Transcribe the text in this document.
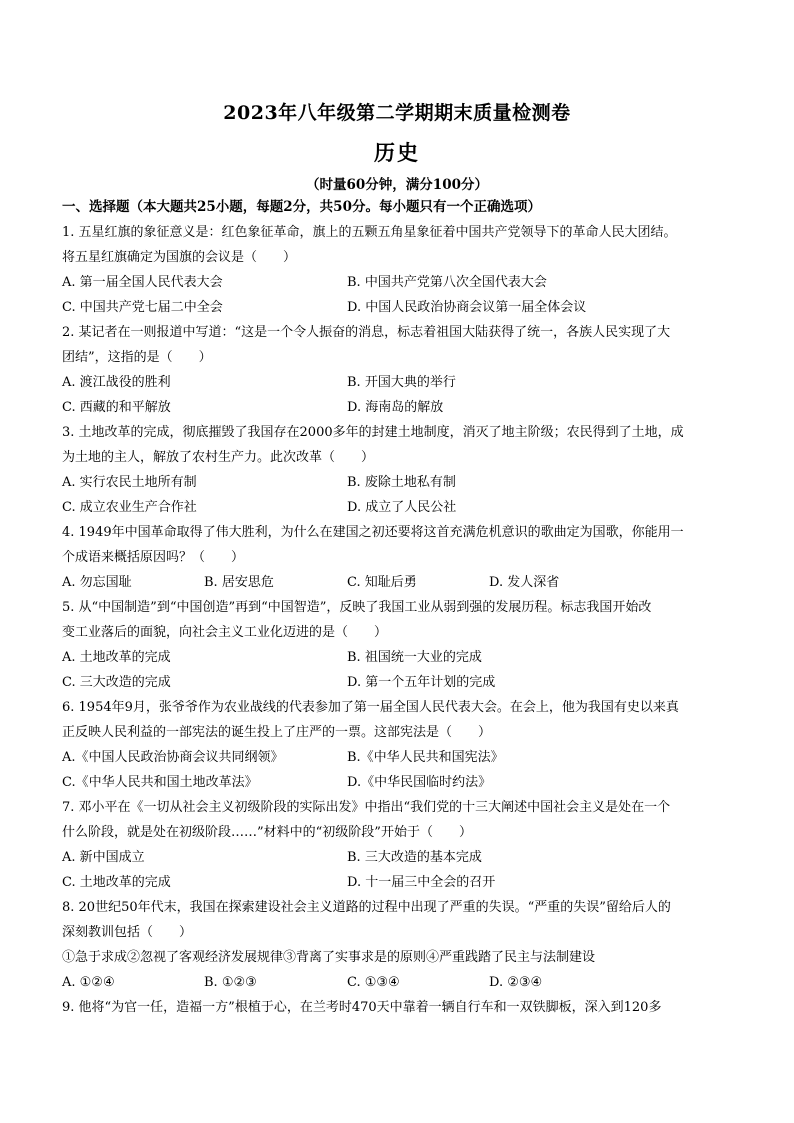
2023年八年级第二学期期末质量检测卷
历史
（时量60分钟，满分100分）
一、选择题（本大题共25小题，每题2分，共50分。每小题只有一个正确选项）
1. 五星红旗的象征意义是：红色象征革命，旗上的五颗五角星象征着中国共产党领导下的革命人民大团结。
将五星红旗确定为国旗的会议是（　　）
A. 第一届全国人民代表大会	B. 中国共产党第八次全国代表大会
C. 中国共产党七届二中全会	D. 中国人民政治协商会议第一届全体会议
2. 某记者在一则报道中写道：“这是一个令人振奋的消息，标志着祖国大陆获得了统一，各族人民实现了大
团结”，这指的是（　　）
A. 渡江战役的胜利	B. 开国大典的举行
C. 西藏的和平解放	D. 海南岛的解放
3. 土地改革的完成，彻底摧毁了我国存在2000多年的封建土地制度，消灭了地主阶级；农民得到了土地，成
为土地的主人，解放了农村生产力。此次改革（　　）
A. 实行农民土地所有制	B. 废除土地私有制
C. 成立农业生产合作社	D. 成立了人民公社
4. 1949年中国革命取得了伟大胜利，为什么在建国之初还要将这首充满危机意识的歌曲定为国歌，你能用一
个成语来概括原因吗？（　　）
A. 勿忘国耻	B. 居安思危	C. 知耻后勇	D. 发人深省
5. 从“中国制造”到“中国创造”再到“中国智造”，反映了我国工业从弱到强的发展历程。标志我国开始改
变工业落后的面貌，向社会主义工业化迈进的是（　　）
A. 土地改革的完成	B. 祖国统一大业的完成
C. 三大改造的完成	D. 第一个五年计划的完成
6. 1954年9月，张爷爷作为农业战线的代表参加了第一届全国人民代表大会。在会上，他为我国有史以来真
正反映人民利益的一部宪法的诞生投上了庄严的一票。这部宪法是（　　）
A.《中国人民政治协商会议共同纲领》	B.《中华人民共和国宪法》
C.《中华人民共和国土地改革法》	D.《中华民国临时约法》
7. 邓小平在《一切从社会主义初级阶段的实际出发》中指出“我们党的十三大阐述中国社会主义是处在一个
什么阶段，就是处在初级阶段……”材料中的“初级阶段”开始于（　　）
A. 新中国成立	B. 三大改造的基本完成
C. 土地改革的完成	D. 十一届三中全会的召开
8. 20世纪50年代末，我国在探索建设社会主义道路的过程中出现了严重的失误。“严重的失误”留给后人的
深刻教训包括（　　）
①急于求成②忽视了客观经济发展规律③背离了实事求是的原则④严重践踏了民主与法制建设
A. ①②④	B. ①②③	C. ①③④	D. ②③④
9. 他将“为官一任，造福一方”根植于心，在兰考时470天中靠着一辆自行车和一双铁脚板，深入到120多
